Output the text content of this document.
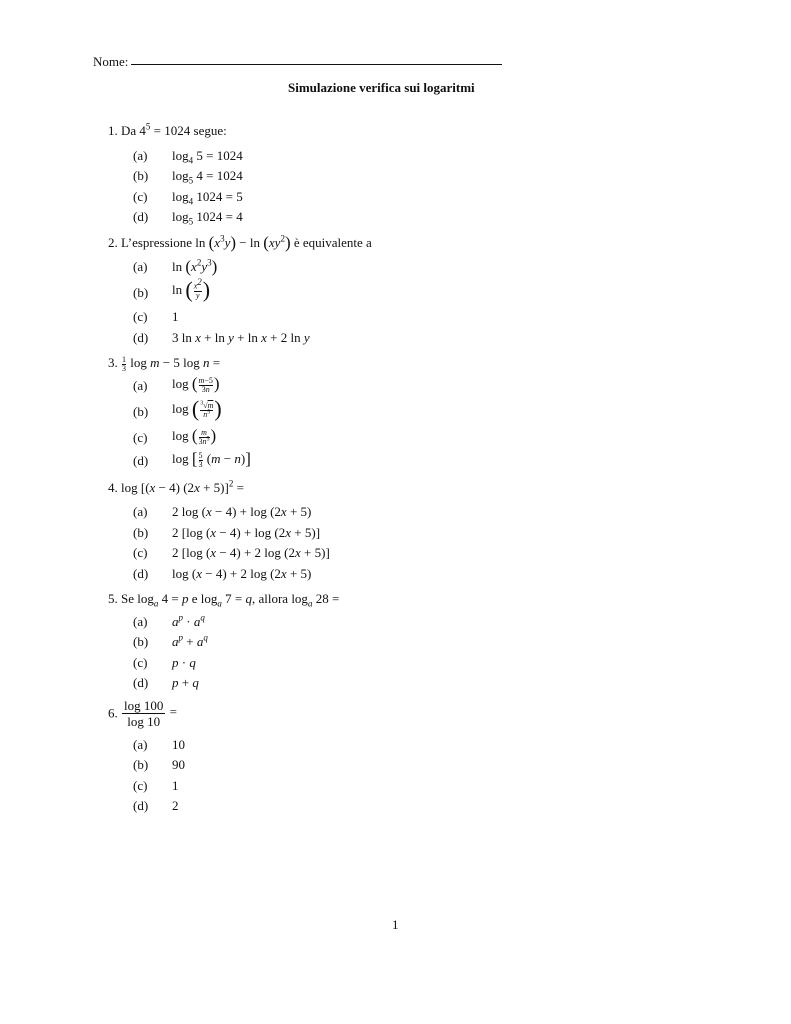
Nome:
Simulazione verifica sui logaritmi
1. Da $4^5 = 1024$ segue:
(a) $\log_4 5 = 1024$
(b) $\log_5 4 = 1024$
(c) $\log_4 1024 = 5$
(d) $\log_5 1024 = 4$
2. L’espressione $\ln (x^3y) - \ln (xy^2)$ è equivalente a
(a) $\ln (x^2y^3)$
(b) ln ( $\frac{x^2}{y}$ )
(c) 1
(d) 3 ln x + ln y + ln x + 2 ln y
3. $\frac{1}{3}$ log m − 5 log n =
(a) log ( $\frac{m-5}{3n}$ )
(b) log ( $\frac{^3√m}{n^5}$ )
(c) log ( $\frac{m}{3n^5}$ )
(d) log [ $\frac{5}{3} (m - n)$]
4. log [(x − 4) (2x + 5)]$^2$ =
(a) 2 log (x − 4) + log (2x + 5)
(b) 2 [log (x − 4) + log (2x + 5)]
(c) 2 [log (x − 4) + 2 log (2x + 5)]
(d) log (x − 4) + 2 log (2x + 5)
5. Se $\log_a 4 = p$ e $\log_a 7 = q$, allora $\log_a 28$ =
(a) $a^p \cdot a^q$
(b) $a^p + a^q$
(c) p · q
(d) p + q
6. $\frac{\log 100}{\log 10}$ =
(a) 10
(b) 90
(c) 1
(d) 2
1
